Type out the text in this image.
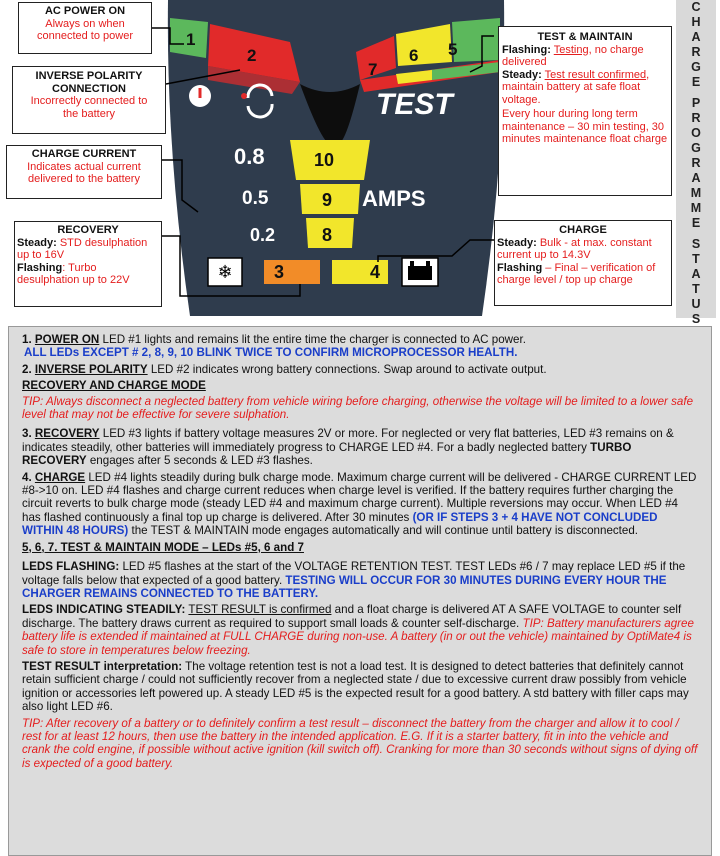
❄
1
2
7
6 5
TEST
0.8
0.5
0.2
AMPS
10
9
8
3	4
AC POWER ON
Always on when connected to power
INVERSE POLARITY CONNECTION
Incorrectly connected to the battery
CHARGE CURRENT
Indicates actual current delivered to the battery
RECOVERY
Steady: STD desulphation up to 16V
Flashing: Turbo desulphation up to 22V
TEST & MAINTAIN
Flashing: Testing, no charge delivered
Steady: Test result confirmed, maintain battery at safe float voltage.
Every hour during long term maintenance – 30 min testing, 30 minutes maintenance float charge
CHARGE
Steady: Bulk - at max. constant current up to 14.3V
Flashing – Final – verification of charge level / top up charge
C
H
A
R
G
E

P
R
O
G
R
A
M
M
E

S
T
A
T
U
S

1. POWER ON LED #1 lights and remains lit the entire time the charger is connected to AC power.
ALL LEDs EXCEPT # 2, 8, 9, 10 BLINK TWICE TO CONFIRM MICROPROCESSOR HEALTH.

2. INVERSE POLARITY LED #2 indicates wrong battery connections. Swap around to activate output.

RECOVERY AND CHARGE MODE

TIP: Always disconnect a neglected battery from vehicle wiring before charging, otherwise the voltage will be limited to a lower safe level that may not be effective for severe sulphation.

3. RECOVERY LED #3 lights if battery voltage measures 2V or more. For neglected or very flat batteries, LED #3 remains on & indicates steadily, other batteries will immediately progress to CHARGE LED #4. For a badly neglected battery TURBO RECOVERY engages after 5 seconds & LED #3 flashes.

4. CHARGE LED #4 lights steadily during bulk charge mode. Maximum charge current will be delivered - CHARGE CURRENT LED #8->10 on. LED #4 flashes and charge current reduces when charge level is verified. If the battery requires further charging the circuit reverts to bulk charge mode (steady LED #4 and maximum charge current). Multiple reversions may occur. When LED #4 has flashed continuously a final top up charge is delivered. After 30 minutes (OR IF STEPS 3 + 4 HAVE NOT CONCLUDED WITHIN 48 HOURS) the TEST & MAINTAIN mode engages automatically and will continue until battery is disconnected.

5, 6, 7. TEST & MAINTAIN MODE – LEDs #5, 6 and 7

LEDS FLASHING: LED #5 flashes at the start of the VOLTAGE RETENTION TEST. TEST LEDs #6 / 7 may replace LED #5 if the voltage falls below that expected of a good battery. TESTING WILL OCCUR FOR 30 MINUTES DURING EVERY HOUR THE CHARGER REMAINS CONNECTED TO THE BATTERY.

LEDS INDICATING STEADILY: TEST RESULT is confirmed and a float charge is delivered AT A SAFE VOLTAGE to counter self discharge. The battery draws current as required to support small loads & counter self-discharge. TIP: Battery manufacturers agree battery life is extended if maintained at FULL CHARGE during non-use. A battery (in or out the vehicle) maintained by OptiMate4 is safe to store in temperatures below freezing.

TEST RESULT interpretation: The voltage retention test is not a load test. It is designed to detect batteries that definitely cannot retain sufficient charge / could not sufficiently recover from a neglected state / due to excessive current draw possibly from vehicle ignition or accessories left powered up. A steady LED #5 is the expected result for a good battery. A std battery with filler caps may also light LED #6.

TIP: After recovery of a battery or to definitely confirm a test result – disconnect the battery from the charger and allow it to cool / rest for at least 12 hours, then use the battery in the intended application. E.G. If it is a starter battery, fit in into the vehicle and crank the cold engine, if possible without active ignition (kill switch off). Cranking for more than 30 seconds without signs of dying off is expected of a good battery.
